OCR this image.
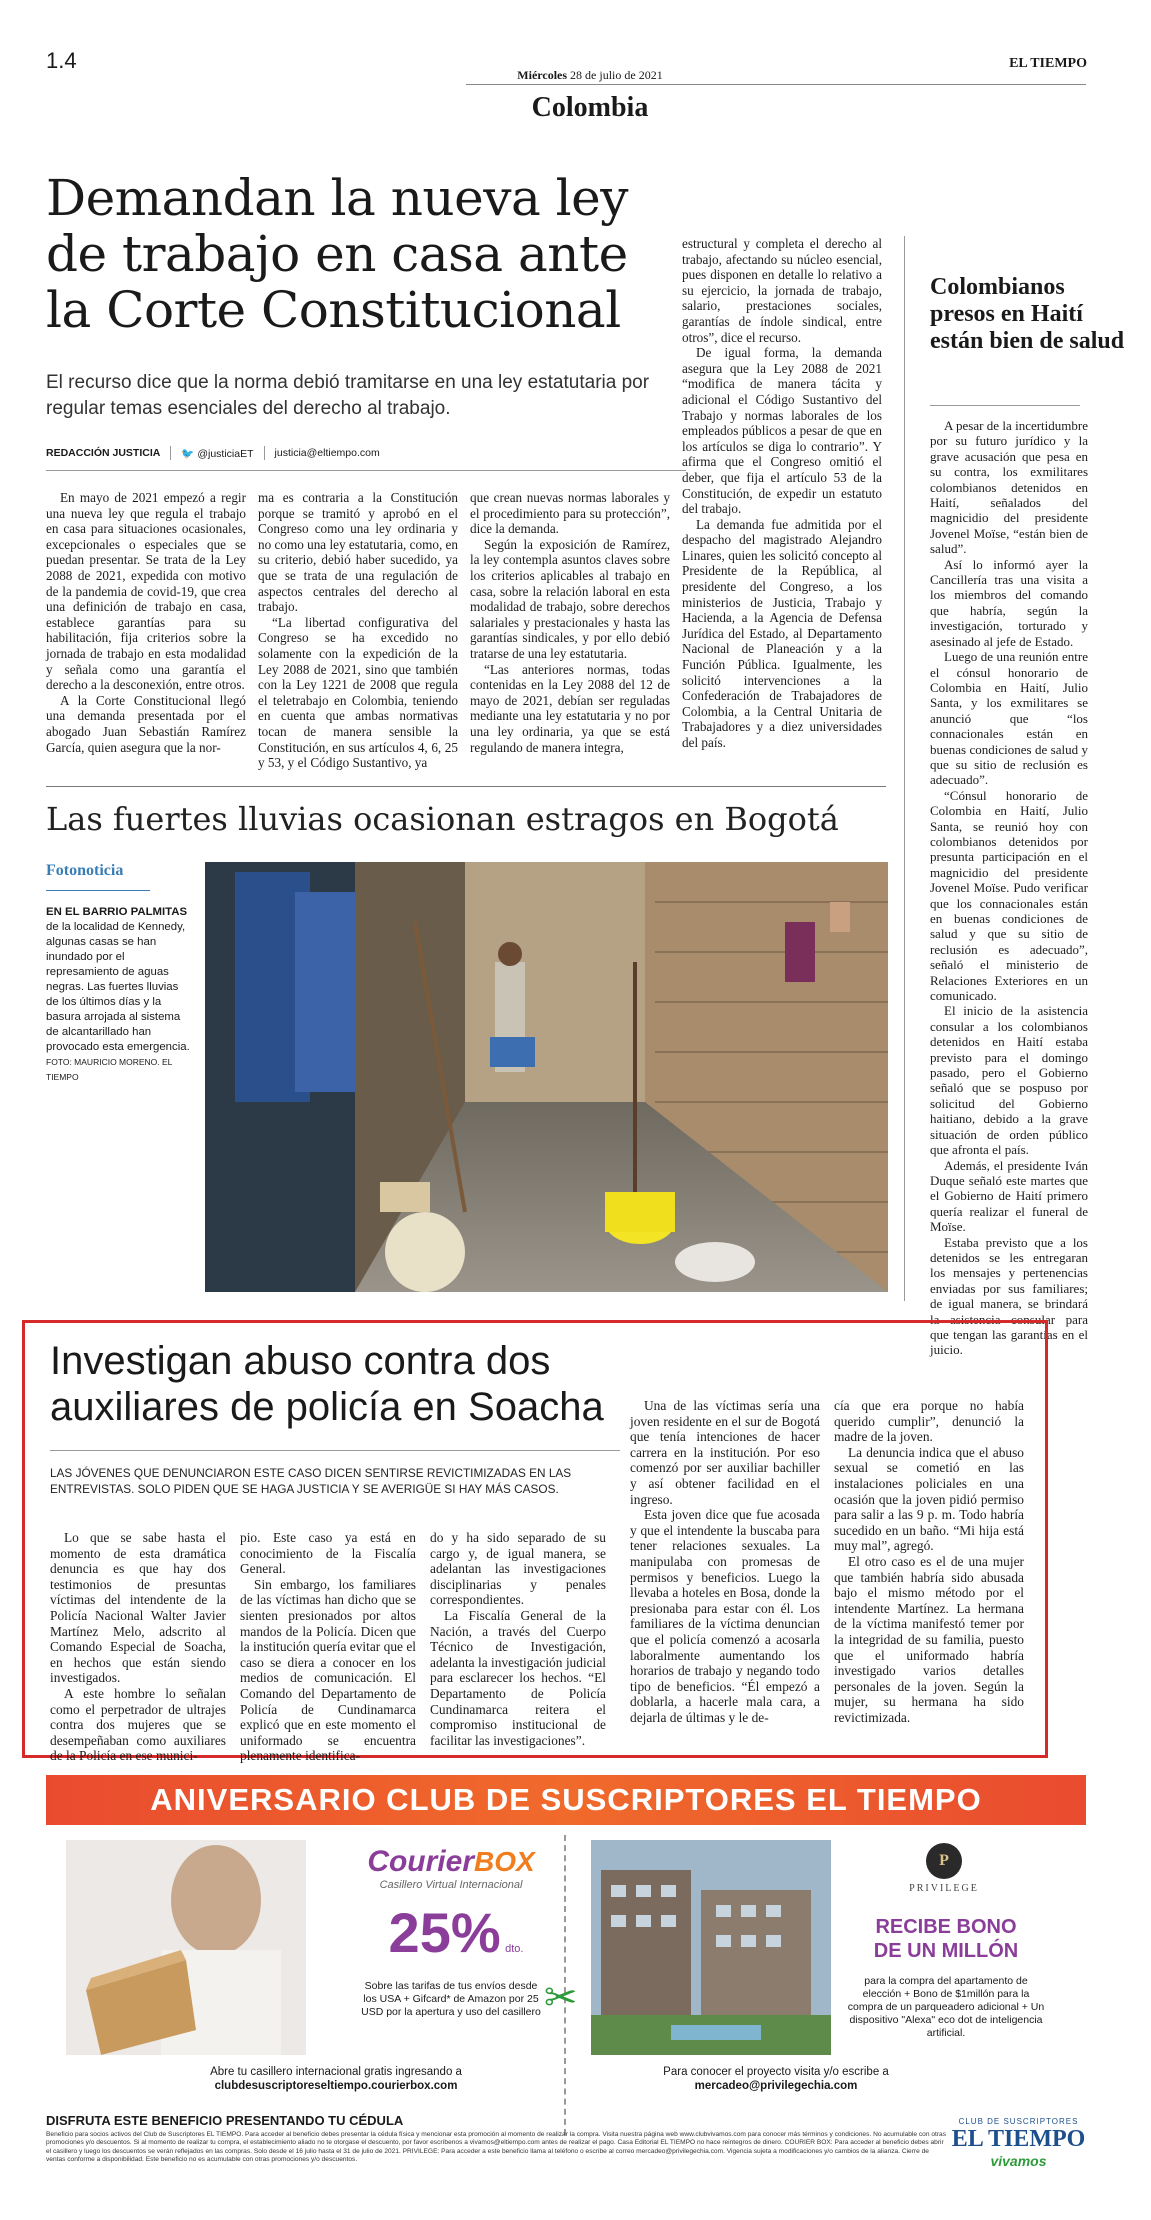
1.4
Miércoles 28 de julio de 2021
EL TIEMPO
Colombia
Demandan la nueva ley de trabajo en casa ante la Corte Constitucional
El recurso dice que la norma debió tramitarse en una ley estatutaria por regular temas esenciales del derecho al trabajo.
REDACCIÓN JUSTICIA 🐦 @justiciaET justicia@eltiempo.com

En mayo de 2021 empezó a regir una nueva ley que regula el trabajo en casa para situaciones ocasionales, excepcionales o especiales que se puedan presentar. Se trata de la Ley 2088 de 2021, expedida con motivo de la pandemia de covid-19, que crea una definición de trabajo en casa, establece garantías para su habilitación, fija criterios sobre la jornada de trabajo en esta modalidad y señala como una garantía el derecho a la desconexión, entre otros.

A la Corte Constitucional llegó una demanda presentada por el abogado Juan Sebastián Ramírez García, quien asegura que la nor-

ma es contraria a la Constitución porque se tramitó y aprobó en el Congreso como una ley ordinaria y no como una ley estatutaria, como, en su criterio, debió haber sucedido, ya que se trata de una regulación de aspectos centrales del derecho al trabajo.

“La libertad configurativa del Congreso se ha excedido no solamente con la expedición de la Ley 2088 de 2021, sino que también con la Ley 1221 de 2008 que regula el teletrabajo en Colombia, teniendo en cuenta que ambas normativas tocan de manera sensible la Constitución, en sus artículos 4, 6, 25 y 53, y el Código Sustantivo, ya

que crean nuevas normas laborales y el procedimiento para su protección”, dice la demanda.

Según la exposición de Ramírez, la ley contempla asuntos claves sobre los criterios aplicables al trabajo en casa, sobre la relación laboral en esta modalidad de trabajo, sobre derechos salariales y prestacionales y hasta las garantías sindicales, y por ello debió tratarse de una ley estatutaria.

“Las anteriores normas, todas contenidas en la Ley 2088 del 12 de mayo de 2021, debían ser reguladas mediante una ley estatutaria y no por una ley ordinaria, ya que se está regulando de manera integra,

estructural y completa el derecho al trabajo, afectando su núcleo esencial, pues disponen en detalle lo relativo a su ejercicio, la jornada de trabajo, salario, prestaciones sociales, garantías de índole sindical, entre otros”, dice el recurso.

De igual forma, la demanda asegura que la Ley 2088 de 2021 “modifica de manera tácita y adicional el Código Sustantivo del Trabajo y normas laborales de los empleados públicos a pesar de que en los artículos se diga lo contrario”. Y afirma que el Congreso omitió el deber, que fija el artículo 53 de la Constitución, de expedir un estatuto del trabajo.

La demanda fue admitida por el despacho del magistrado Alejandro Linares, quien les solicitó concepto al Presidente de la República, al presidente del Congreso, a los ministerios de Justicia, Trabajo y Hacienda, a la Agencia de Defensa Jurídica del Estado, al Departamento Nacional de Planeación y a la Función Pública. Igualmente, les solicitó intervenciones a la Confederación de Trabajadores de Colombia, a la Central Unitaria de Trabajadores y a diez universidades del país.

Colombianos presos en Haití están bien de salud

A pesar de la incertidumbre por su futuro jurídico y la grave acusación que pesa en su contra, los exmilitares colombianos detenidos en Haití, señalados del magnicidio del presidente Jovenel Moïse, “están bien de salud”.

Así lo informó ayer la Cancillería tras una visita a los miembros del comando que habría, según la investigación, torturado y asesinado al jefe de Estado.

Luego de una reunión entre el cónsul honorario de Colombia en Haití, Julio Santa, y los exmilitares se anunció que “los connacionales están en buenas condiciones de salud y que su sitio de reclusión es adecuado”.

“Cónsul honorario de Colombia en Haití, Julio Santa, se reunió hoy con colombianos detenidos por presunta participación en el magnicidio del presidente Jovenel Moïse. Pudo verificar que los connacionales están en buenas condiciones de salud y que su sitio de reclusión es adecuado”, señaló el ministerio de Relaciones Exteriores en un comunicado.

El inicio de la asistencia consular a los colombianos detenidos en Haití estaba previsto para el domingo pasado, pero el Gobierno señaló que se pospuso por solicitud del Gobierno haitiano, debido a la grave situación de orden público que afronta el país.

Además, el presidente Iván Duque señaló este martes que el Gobierno de Haití primero quería realizar el funeral de Moïse.

Estaba previsto que a los detenidos se les entregaran los mensajes y pertenencias enviadas por sus familiares; de igual manera, se brindará la asistencia consular para que tengan las garantías en el juicio.

Las fuertes lluvias ocasionan estragos en Bogotá
Fotonoticia
EN EL BARRIO PALMITAS de la localidad de Kennedy, algunas casas se han inundado por el represamiento de aguas negras. Las fuertes lluvias de los últimos días y la basura arrojada al sistema de alcantarillado han provocado esta emergencia.
FOTO: MAURICIO MORENO. EL TIEMPO
Investigan abuso contra dos auxiliares de policía en Soacha
LAS JÓVENES QUE DENUNCIARON ESTE CASO DICEN SENTIRSE REVICTIMIZADAS EN LAS ENTREVISTAS. SOLO PIDEN QUE SE HAGA JUSTICIA Y SE AVERIGÜE SI HAY MÁS CASOS.

Lo que se sabe hasta el momento de esta dramática denuncia es que hay dos testimonios de presuntas víctimas del intendente de la Policía Nacional Walter Javier Martínez Melo, adscrito al Comando Especial de Soacha, en hechos que están siendo investigados.

A este hombre lo señalan como el perpetrador de ultrajes contra dos mujeres que se desempeñaban como auxiliares de la Policía en ese munici-

pio. Este caso ya está en conocimiento de la Fiscalía General.

Sin embargo, los familiares de las víctimas han dicho que se sienten presionados por altos mandos de la Policía. Dicen que la institución quería evitar que el caso se diera a conocer en los medios de comunicación. El Comando del Departamento de Policía de Cundinamarca explicó que en este momento el uniformado se encuentra plenamente identifica-

do y ha sido separado de su cargo y, de igual manera, se adelantan las investigaciones disciplinarias y penales correspondientes.

La Fiscalía General de la Nación, a través del Cuerpo Técnico de Investigación, adelanta la investigación judicial para esclarecer los hechos. “El Departamento de Policía Cundinamarca reitera el compromiso institucional de facilitar las investigaciones”.

Una de las víctimas sería una joven residente en el sur de Bogotá que tenía intenciones de hacer carrera en la institución. Por eso comenzó por ser auxiliar bachiller y así obtener facilidad en el ingreso.

Esta joven dice que fue acosada y que el intendente la buscaba para tener relaciones sexuales. La manipulaba con promesas de permisos y beneficios. Luego la llevaba a hoteles en Bosa, donde la presionaba para estar con él. Los familiares de la víctima denuncian que el policía comenzó a acosarla laboralmente aumentando los horarios de trabajo y negando todo tipo de beneficios. “Él empezó a doblarla, a hacerle mala cara, a dejarla de últimas y le de-

cía que era porque no había querido cumplir”, denunció la madre de la joven.

La denuncia indica que el abuso sexual se cometió en las instalaciones policiales en una ocasión que la joven pidió permiso para salir a las 9 p. m. Todo habría sucedido en un baño. “Mi hija está muy mal”, agregó.

El otro caso es el de una mujer que también habría sido abusada bajo el mismo método por el intendente Martínez. La hermana de la víctima manifestó temer por la integridad de su familia, puesto que el uniformado habría investigado varios detalles personales de la joven. Según la mujer, su hermana ha sido revictimizada.

ANIVERSARIO CLUB DE SUSCRIPTORES EL TIEMPO
CourierBOX
Casillero Virtual Internacional
25% dto.
Sobre las tarifas de tus envíos desde los USA + Gifcard* de Amazon por 25 USD por la apertura y uso del casillero
Abre tu casillero internacional gratis ingresando a
clubdesuscriptoreseltiempo.courierbox.com
✂
P
PRIVILEGE
RECIBE BONO
DE UN MILLÓN
para la compra del apartamento de elección + Bono de $1millón para la compra de un parqueadero adicional + Un dispositivo "Alexa" eco dot de inteligencia artificial.
Para conocer el proyecto visita y/o escribe a
mercadeo@privilegechia.com
DISFRUTA ESTE BENEFICIO PRESENTANDO TU CÉDULA
Beneficio para socios activos del Club de Suscriptores EL TIEMPO. Para acceder al beneficio debes presentar la cédula física y mencionar esta promoción al momento de realizar la compra. Visita nuestra página web www.clubvivamos.com para conocer más términos y condiciones. No acumulable con otras promociones y/o descuentos. Si al momento de realizar tu compra, el establecimiento aliado no te otorgase el descuento, por favor escríbenos a vivamos@eltiempo.com antes de realizar el pago. Casa Editorial EL TIEMPO no hace reintegros de dinero. COURIER BOX: Para acceder al beneficio debes abrir el casillero y luego los descuentos se verán reflejados en las compras. Solo desde el 16 julio hasta el 31 de julio de 2021. PRIVILEGE: Para acceder a este beneficio llama al teléfono o escribe al correo mercadeo@privilegechia.com. Vigencia sujeta a modificaciones y/o cambios de la alianza. Cierre de ventas conforme a disponibilidad. Este beneficio no es acumulable con otras promociones y/o descuentos.
CLUB DE SUSCRIPTORES
EL TIEMPO
vivamos
